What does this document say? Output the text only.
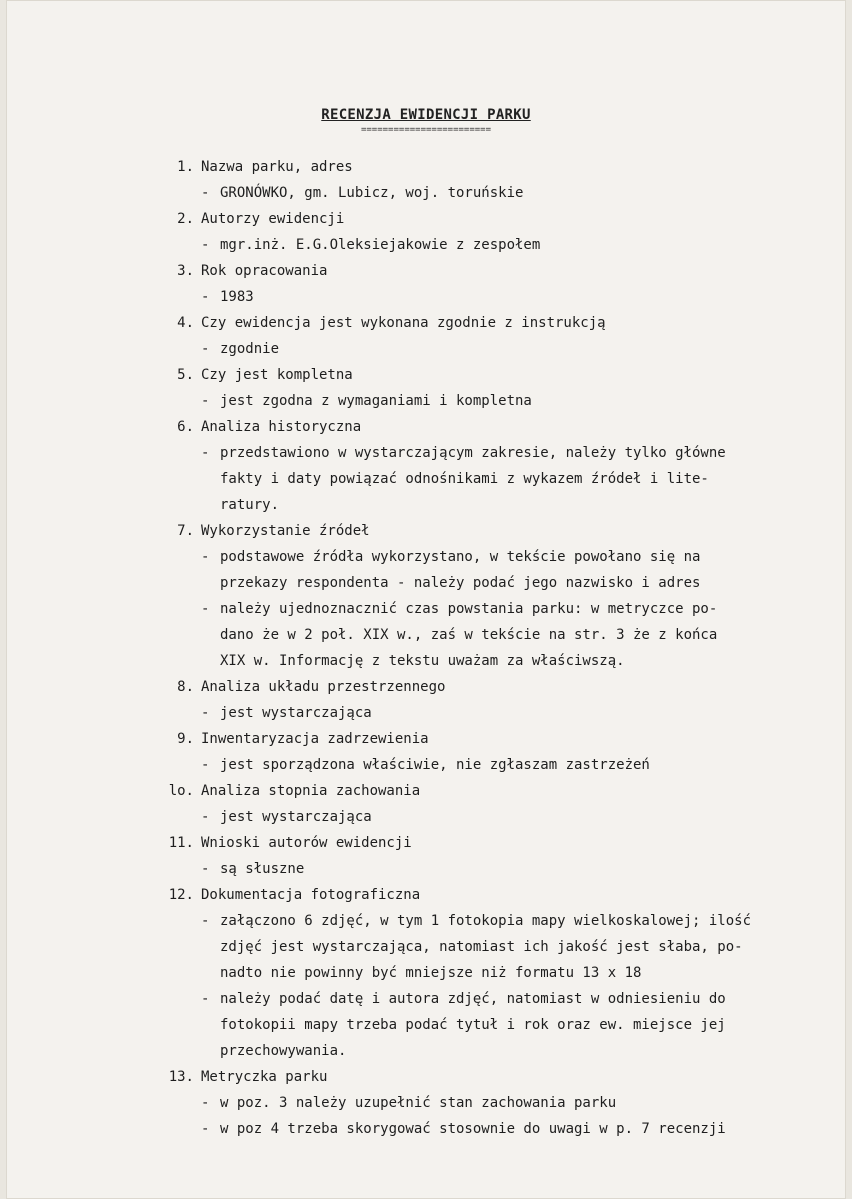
RECENZJA EWIDENCJI PARKU
========================
1. Nazwa parku, adres
- GRONÓWKO, gm. Lubicz, woj. toruńskie
2. Autorzy ewidencji
- mgr.inż. E.G.Oleksiejakowie z zespołem
3. Rok opracowania
- 1983
4. Czy ewidencja jest wykonana zgodnie z instrukcją
- zgodnie
5. Czy jest kompletna
- jest zgodna z wymaganiami i kompletna
6. Analiza historyczna
- przedstawiono w wystarczającym zakresie, należy tylko główne
fakty i daty powiązać odnośnikami z wykazem źródeł i lite-
ratury.
7. Wykorzystanie źródeł
- podstawowe źródła wykorzystano, w tekście powołano się na
przekazy respondenta - należy podać jego nazwisko i adres
- należy ujednoznacznić czas powstania parku: w metryczce po-
dano że w 2 poł. XIX w., zaś w tekście na str. 3 że z końca
XIX w. Informację z tekstu uważam za właściwszą.
8. Analiza układu przestrzennego
- jest wystarczająca
9. Inwentaryzacja zadrzewienia
- jest sporządzona właściwie, nie zgłaszam zastrzeżeń
lo. Analiza stopnia zachowania
- jest wystarczająca
11. Wnioski autorów ewidencji
- są słuszne
12. Dokumentacja fotograficzna
- załączono 6 zdjęć, w tym 1 fotokopia mapy wielkoskalowej; ilość
zdjęć jest wystarczająca, natomiast ich jakość jest słaba, po-
nadto nie powinny być mniejsze niż formatu 13 x 18
- należy podać datę i autora zdjęć, natomiast w odniesieniu do
fotokopii mapy trzeba podać tytuł i rok oraz ew. miejsce jej
przechowywania.
13. Metryczka parku
- w poz. 3 należy uzupełnić stan zachowania parku
- w poz 4 trzeba skorygować stosownie do uwagi w p. 7 recenzji
